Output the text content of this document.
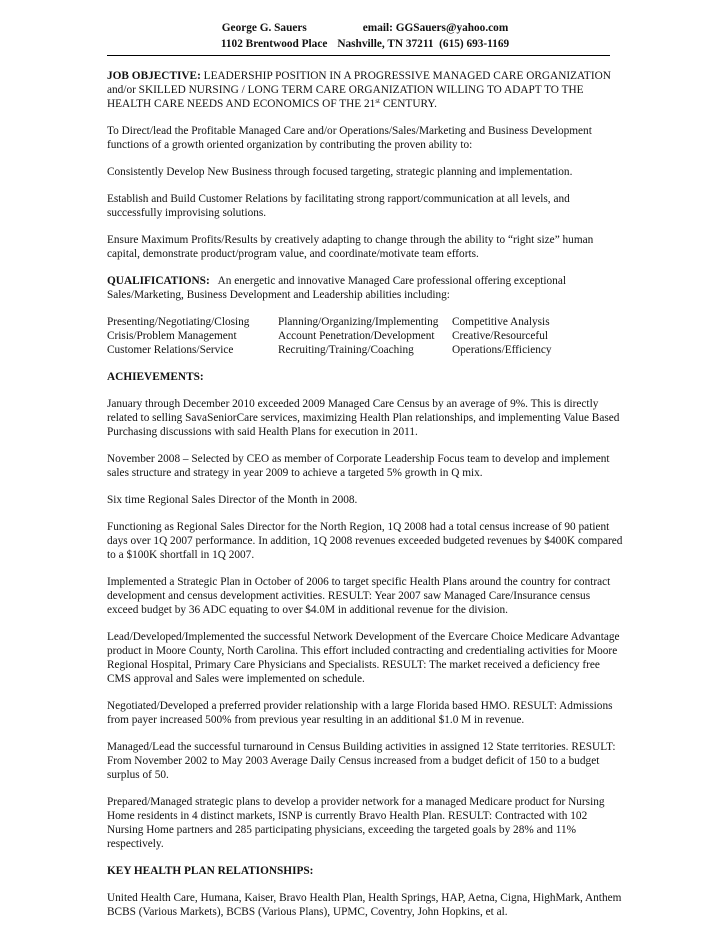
George G. Sauers	email: GGSauers@yahoo.com
1102 Brentwood Place Nashville, TN 37211  (615) 693-1169

JOB OBJECTIVE: LEADERSHIP POSITION IN A PROGRESSIVE MANAGED CARE ORGANIZATION and/or SKILLED NURSING / LONG TERM CARE ORGANIZATION WILLING TO ADAPT TO THE HEALTH CARE NEEDS AND ECONOMICS OF THE 21st CENTURY.

To Direct/lead the Profitable Managed Care and/or Operations/Sales/Marketing and Business Development functions of a growth oriented organization by contributing the proven ability to:

Consistently Develop New Business through focused targeting, strategic planning and implementation.

Establish and Build Customer Relations by facilitating strong rapport/communication at all levels, and successfully improvising solutions.

Ensure Maximum Profits/Results by creatively adapting to change through the ability to “right size” human capital, demonstrate product/program value, and coordinate/motivate team efforts.

QUALIFICATIONS:   An energetic and innovative Managed Care professional offering exceptional Sales/Marketing, Business Development and Leadership abilities including:

Presenting/Negotiating/Closing	Planning/Organizing/Implementing	Competitive Analysis
Crisis/Problem Management	Account Penetration/Development	Creative/Resourceful
Customer Relations/Service	Recruiting/Training/Coaching	Operations/Efficiency

ACHIEVEMENTS:

January through December 2010 exceeded 2009 Managed Care Census by an average of 9%. This is directly related to selling SavaSeniorCare services, maximizing Health Plan relationships, and implementing Value Based Purchasing discussions with said Health Plans for execution in 2011.

November 2008 – Selected by CEO as member of Corporate Leadership Focus team to develop and implement sales structure and strategy in year 2009 to achieve a targeted 5% growth in Q mix.

Six time Regional Sales Director of the Month in 2008.

Functioning as Regional Sales Director for the North Region, 1Q 2008 had a total census increase of 90 patient days over 1Q 2007 performance. In addition, 1Q 2008 revenues exceeded budgeted revenues by $400K compared to a $100K shortfall in 1Q 2007.

Implemented a Strategic Plan in October of 2006 to target specific Health Plans around the country for contract development and census development activities. RESULT: Year 2007 saw Managed Care/Insurance census exceed budget by 36 ADC equating to over $4.0M in additional revenue for the division.

Lead/Developed/Implemented the successful Network Development of the Evercare Choice Medicare Advantage product in Moore County, North Carolina. This effort included contracting and credentialing activities for Moore Regional Hospital, Primary Care Physicians and Specialists. RESULT: The market received a deficiency free CMS approval and Sales were implemented on schedule.

Negotiated/Developed a preferred provider relationship with a large Florida based HMO. RESULT: Admissions from payer increased 500% from previous year resulting in an additional $1.0 M in revenue.

Managed/Lead the successful turnaround in Census Building activities in assigned 12 State territories. RESULT: From November 2002 to May 2003 Average Daily Census increased from a budget deficit of 150 to a budget surplus of 50.

Prepared/Managed strategic plans to develop a provider network for a managed Medicare product for Nursing Home residents in 4 distinct markets, ISNP is currently Bravo Health Plan. RESULT: Contracted with 102 Nursing Home partners and 285 participating physicians, exceeding the targeted goals by 28% and 11% respectively.

KEY HEALTH PLAN RELATIONSHIPS:

United Health Care, Humana, Kaiser, Bravo Health Plan, Health Springs, HAP, Aetna, Cigna, HighMark, Anthem BCBS (Various Markets), BCBS (Various Plans), UPMC, Coventry, John Hopkins, et al.
